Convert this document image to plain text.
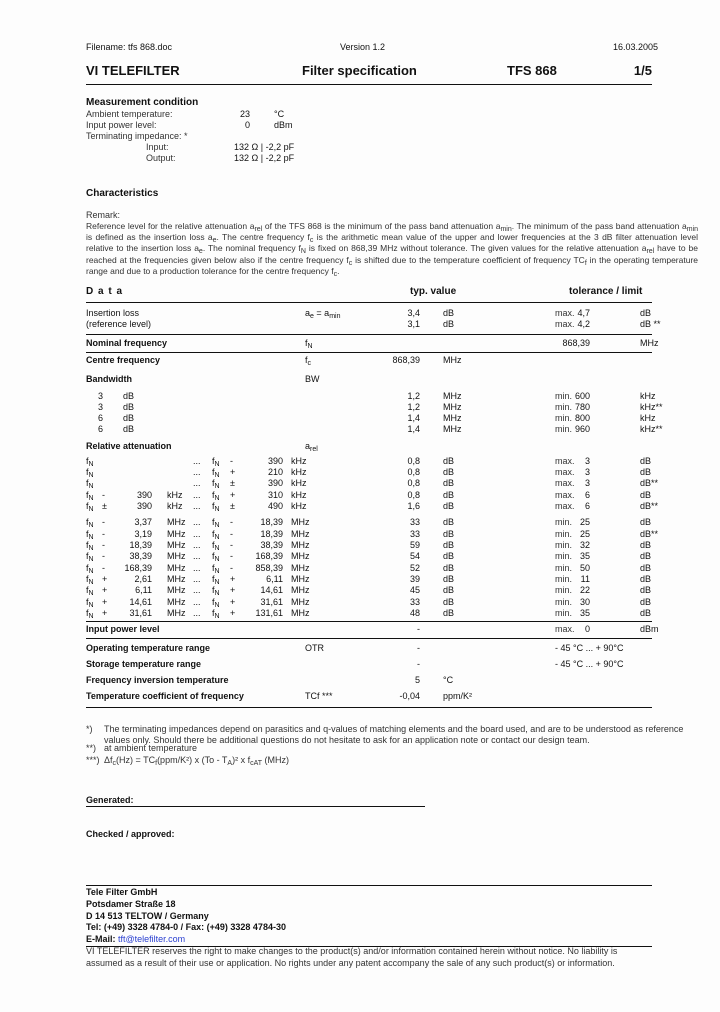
Filename: tfs 868.doc	Version 1.2	16.03.2005
VI TELEFILTER	Filter specification	TFS 868	1/5
Measurement condition
Ambient temperature:	23	°C
Input power level:	0	dBm
Terminating impedance: *
Input:	132 Ω | -2,2 pF
Output:	132 Ω | -2,2 pF
Characteristics
Remark:
Reference level for the relative attenuation $a_{rel}$ of the TFS 868 is the minimum of the pass band attenuation $a_{min}$. The minimum of the pass band attenuation $a_{min}$ is defined as the insertion loss $a_e$. The centre frequency $f_c$ is the arithmetic mean value of the upper and lower frequencies at the 3 dB filter attenuation level relative to the insertion loss $a_e$. The nominal frequency $f_N$ is fixed on 868,39 MHz without tolerance. The given values for the relative attenuation $a_{rel}$ have to be reached at the frequencies given below also if the centre frequency $f_c$ is shifted due to the temperature coefficient of frequency $TC_f$ in the operating temperature range and due to a production tolerance for the centre frequency $f_c$.
D a t a	typ. value	tolerance / limit
Insertion loss	$a_e = a_{min}$	3,4	dB	max. 4,7	dB
(reference level)	3,1	dB	max. 4,2	dB **
Nominal frequency	$f_N$	868,39	MHz
Centre frequency	$f_c$	868,39	MHz
Bandwidth	BW
3 dB	1,2	MHz	min. 600	kHz
3 dB	1,2	MHz	min. 780	kHz**
6 dB	1,4	MHz	min. 800	kHz
6 dB	1,4	MHz	min. 960	kHz**
Relative attenuation	$a_{rel}$
$f_N$	... $f_N$ -	390 kHz	0,8	dB	max.	3	dB
$f_N$	... $f_N$ +	210 kHz	0,8	dB	max.	3	dB
$f_N$	... $f_N$ ±	390 kHz	0,8	dB	max.	3	dB**
$f_N$ -	390 kHz ... $f_N$ +	310 kHz	0,8	dB	max.	6	dB
$f_N$ ±	390 kHz ... $f_N$ ±	490 kHz	1,6	dB	max.	6	dB**
$f_N$ -	3,37 MHz ... $f_N$ -	18,39 MHz	33	dB	min. 25	dB
$f_N$ -	3,19 MHz ... $f_N$ -	18,39 MHz	33	dB	min. 25	dB**
$f_N$ -	18,39 MHz ... $f_N$ -	38,39 MHz	59	dB	min. 32	dB
$f_N$ -	38,39 MHz ... $f_N$ -	168,39 MHz	54	dB	min. 35	dB
$f_N$ -	168,39 MHz ... $f_N$ -	858,39 MHz	52	dB	min. 50	dB
$f_N$ +	2,61 MHz ... $f_N$ +	6,11 MHz	39	dB	min. 11	dB
$f_N$ +	6,11 MHz ... $f_N$ +	14,61 MHz	45	dB	min. 22	dB
$f_N$ +	14,61 MHz ... $f_N$ +	31,61 MHz	33	dB	min. 30	dB
$f_N$ +	31,61 MHz ... $f_N$ +	131,61 MHz	48	dB	min. 35	dB
Input power level	-	max.	0	dBm
Operating temperature range	OTR	-	- 45 °C ... + 90°C
Storage temperature range	-	- 45 °C ... + 90°C
Frequency inversion temperature	5	°C
Temperature coefficient of frequency	TCf ***	-0,04	ppm/K²
*) The terminating impedances depend on parasitics and q-values of matching elements and the board used, and are to be understood as reference
values only. Should there be additional questions do not hesitate to ask for an application note or contact our design team.
**) at ambient temperature
***) $\Delta f_c(Hz) = TC_f(ppm/K^2)$ x $(To - T_A)^2$ x $f_{cAT}$ (MHz)
Generated:
Checked / approved:
Tele Filter GmbH
Potsdamer Straße 18
D 14 513 TELTOW / Germany
Tel: (+49) 3328 4784-0 / Fax: (+49) 3328 4784-30
E-Mail: tft@telefilter.com
VI TELEFILTER reserves the right to make changes to the product(s) and/or information contained herein without notice. No liability is
assumed as a result of their use or application. No rights under any patent accompany the sale of any such product(s) or information.
